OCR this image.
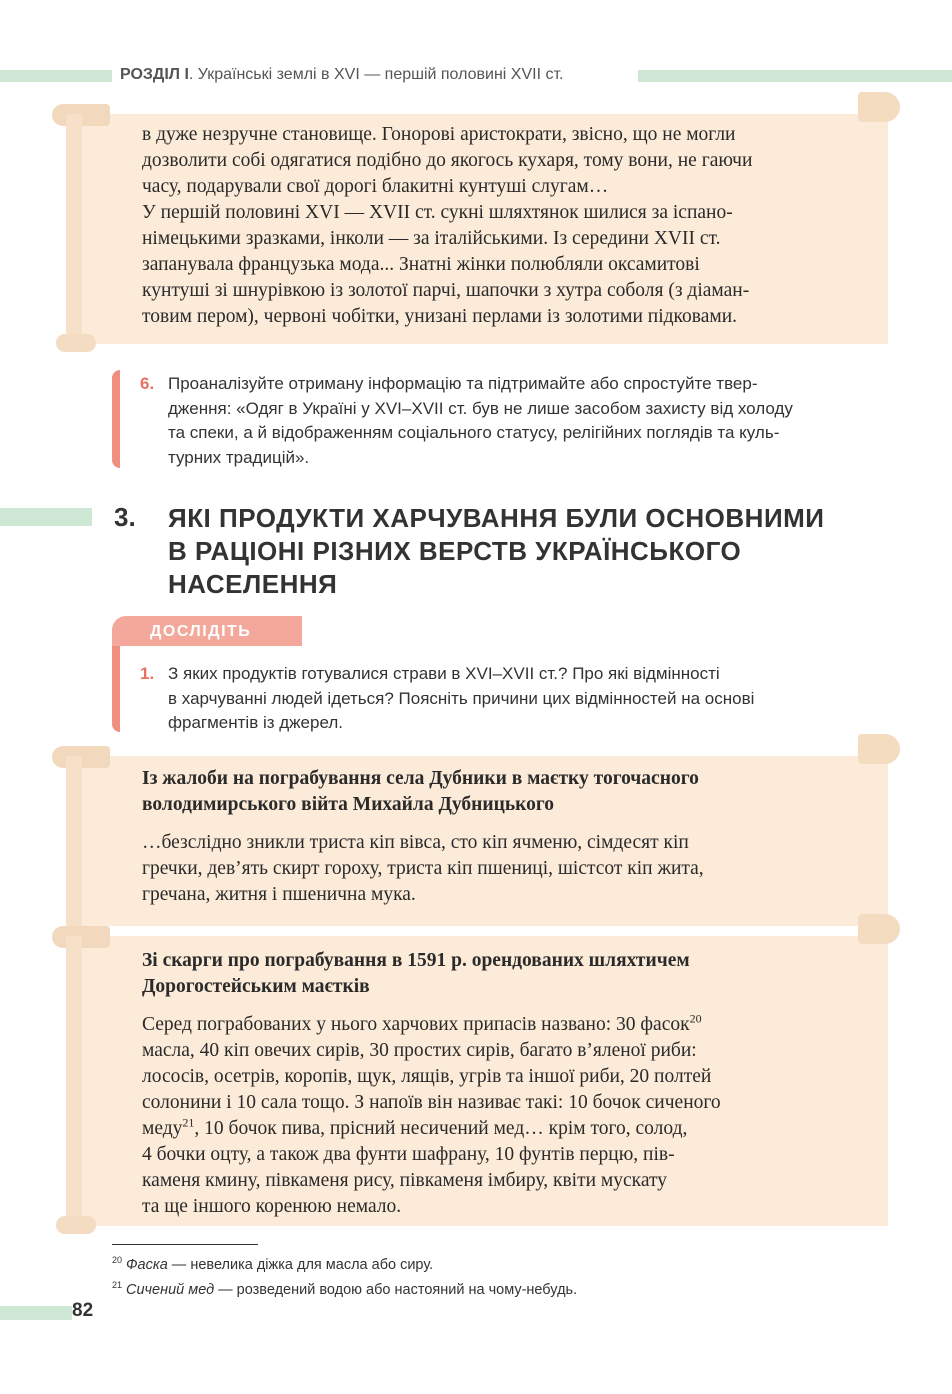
РОЗДІЛ І. Українські землі в XVI — першій половині XVII ст.
в дуже незручне становище. Гонорові аристократи, звісно, що не могли
дозволити собі одягатися подібно до якогось кухаря, тому вони, не гаючи
часу, подарували свої дорогі блакитні кунтуші слугам…
У першій половині XVI — XVII ст. сукні шляхтянок шилися за іспано-
німецькими зразками, інколи — за італійськими. Із середини XVII ст.
запанувала французька мода... Знатні жінки полюбляли оксамитові
кунтуші зі шнурівкою із золотої парчі, шапочки з хутра соболя (з діаман-
товим пером), червоні чобітки, унизані перлами із золотими підковами.
6. Проаналізуйте отриману інформацію та підтримайте або спростуйте твер-
дження: «Одяг в Україні у XVI–XVII ст. був не лише засобом захисту від холоду
та спеки, а й відображенням соціального статусу, релігійних поглядів та куль-
турних традицій».
3. ЯКІ ПРОДУКТИ ХАРЧУВАННЯ БУЛИ ОСНОВНИМИ
В РАЦІОНІ РІЗНИХ ВЕРСТВ УКРАЇНСЬКОГО
НАСЕЛЕННЯ
ДОСЛІДІТЬ
1. З яких продуктів готувалися страви в XVI–XVII ст.? Про які відмінності
в харчуванні людей ідеться? Поясніть причини цих відмінностей на основі
фрагментів із джерел.
Із жалоби на пограбування села Дубники в маєтку тогочасного
володимирського війта Михайла Дубницького
…безслідно зникли триста кіп вівса, сто кіп ячменю, сімдесят кіп
гречки, дев’ять скирт гороху, триста кіп пшениці, шістсот кіп жита,
гречана, житня і пшенична мука.
Зі скарги про пограбування в 1591 р. орендованих шляхтичем
Дорогостейським маєтків
Серед пограбованих у нього харчових припасів названо: 30 фасок$^{20}$
масла, 40 кіп овечих сирів, 30 простих сирів, багато в’яленої риби:
лососів, осетрів, коропів, щук, лящів, угрів та іншої риби, 20 полтей
солонини і 10 сала тощо. З напоїв він називає такі: 10 бочок сиченого
меду$^{21}$, 10 бочок пива, прісний несичений мед… крім того, солод,
4 бочки оцту, а також два фунти шафрану, 10 фунтів перцю, пів-
каменя кмину, півкаменя рису, півкаменя імбиру, квіти мускату
та ще іншого коренюю немало.
$^{20}$ Фаска — невелика діжка для масла або сиру.
$^{21}$ Сичений мед — розведений водою або настояний на чому-небудь.
82
